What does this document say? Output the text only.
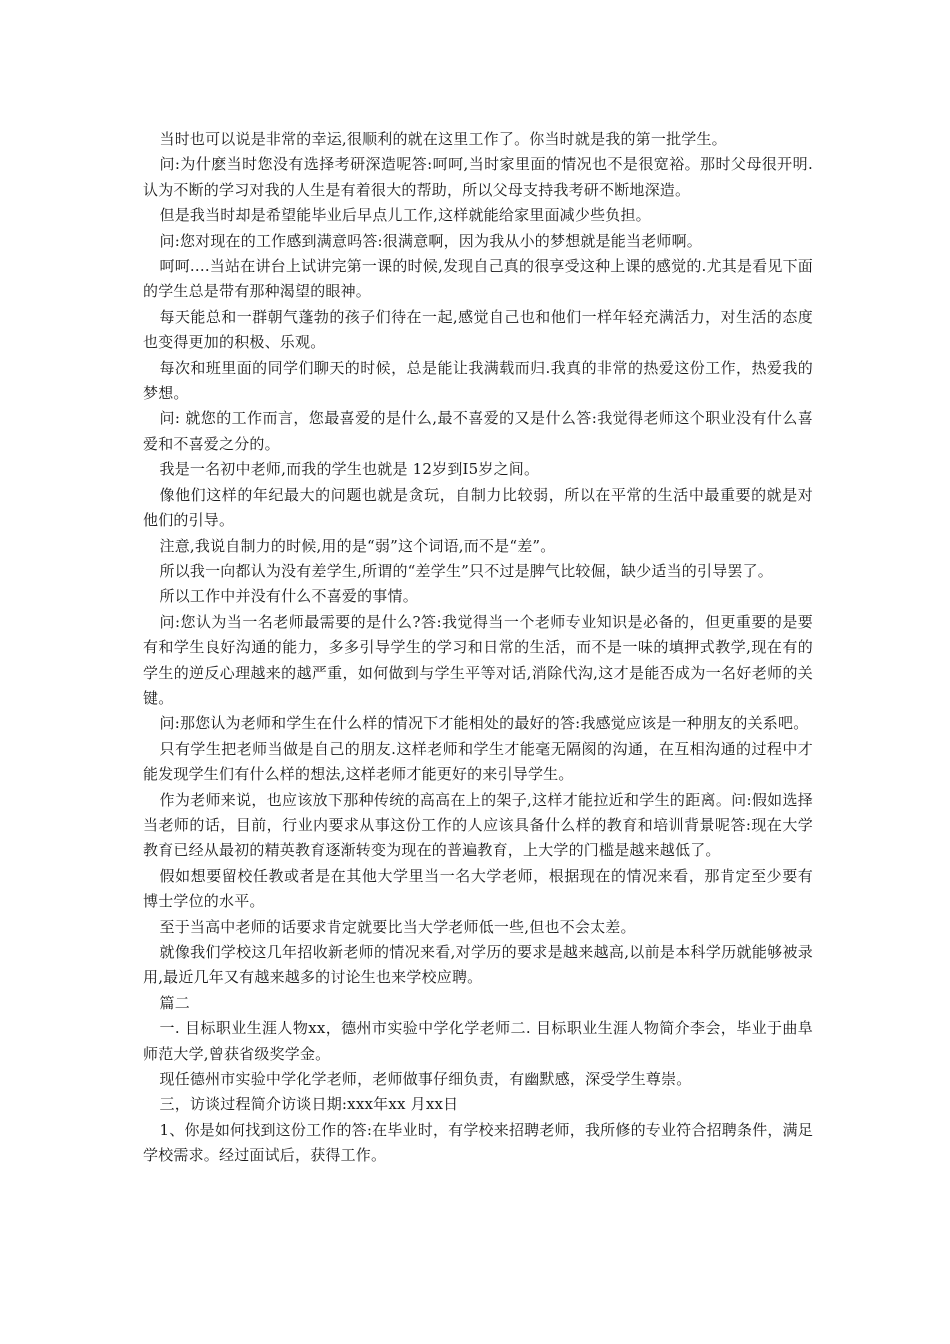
当时也可以说是非常的幸运,很顺利的就在这里工作了。你当时就是我的第一批学生。

问:为什麽当时您没有选择考研深造呢答:呵呵,当时家里面的情况也不是很宽裕。那时父母很开明.认为不断的学习对我的人生是有着很大的帮助，所以父母支持我考研不断地深造。

但是我当时却是希望能毕业后早点儿工作,这样就能给家里面减少些负担。

问:您对现在的工作感到满意吗答:很满意啊，因为我从小的梦想就是能当老师啊。

呵呵....当站在讲台上试讲完第一课的时候,发现自己真的很享受这种上课的感觉的.尤其是看见下面的学生总是带有那种渴望的眼神。

每天能总和一群朝气蓬勃的孩子们待在一起,感觉自己也和他们一样年轻充满活力，对生活的态度也变得更加的积极、乐观。

每次和班里面的同学们聊天的时候，总是能让我满载而归.我真的非常的热爱这份工作，热爱我的梦想。

问: 就您的工作而言，您最喜爱的是什么,最不喜爱的又是什么答:我觉得老师这个职业没有什么喜爱和不喜爱之分的。

我是一名初中老师,而我的学生也就是 12岁到I5岁之间。

像他们这样的年纪最大的问题也就是贪玩，自制力比较弱，所以在平常的生活中最重要的就是对他们的引导。

注意,我说自制力的时候,用的是“弱”这个词语,而不是“差”。

所以我一向都认为没有差学生,所谓的“差学生”只不过是脾气比较倔，缺少适当的引导罢了。

所以工作中并没有什么不喜爱的事情。

问:您认为当一名老师最需要的是什么?答:我觉得当一个老师专业知识是必备的，但更重要的是要有和学生良好沟通的能力，多多引导学生的学习和日常的生活，而不是一味的填押式教学,现在有的学生的逆反心理越来的越严重，如何做到与学生平等对话,消除代沟,这才是能否成为一名好老师的关键。

问:那您认为老师和学生在什么样的情况下才能相处的最好的答:我感觉应该是一种朋友的关系吧。

只有学生把老师当做是自己的朋友.这样老师和学生才能毫无隔阂的沟通，在互相沟通的过程中才能发现学生们有什么样的想法,这样老师才能更好的来引导学生。

作为老师来说，也应该放下那种传统的高高在上的架子,这样才能拉近和学生的距离。问:假如选择当老师的话，目前，行业内要求从事这份工作的人应该具备什么样的教育和培训背景呢答:现在大学教育已经从最初的精英教育逐渐转变为现在的普遍教育，上大学的门槛是越来越低了。

假如想要留校任教或者是在其他大学里当一名大学老师，根据现在的情况来看，那肯定至少要有博士学位的水平。

至于当高中老师的话要求肯定就要比当大学老师低一些,但也不会太差。

就像我们学校这几年招收新老师的情况来看,对学历的要求是越来越高,以前是本科学历就能够被录用,最近几年又有越来越多的讨论生也来学校应聘。

篇二

一. 目标职业生涯人物xx，德州市实验中学化学老师二. 目标职业生涯人物简介李会，毕业于曲阜师范大学,曾获省级奖学金。

现任德州市实验中学化学老师，老师做事仔细负责，有幽默感，深受学生尊崇。

三，访谈过程简介访谈日期:xxx年xx 月xx日

1、你是如何找到这份工作的答:在毕业时，有学校来招聘老师，我所修的专业符合招聘条件，满足学校需求。经过面试后，获得工作。
